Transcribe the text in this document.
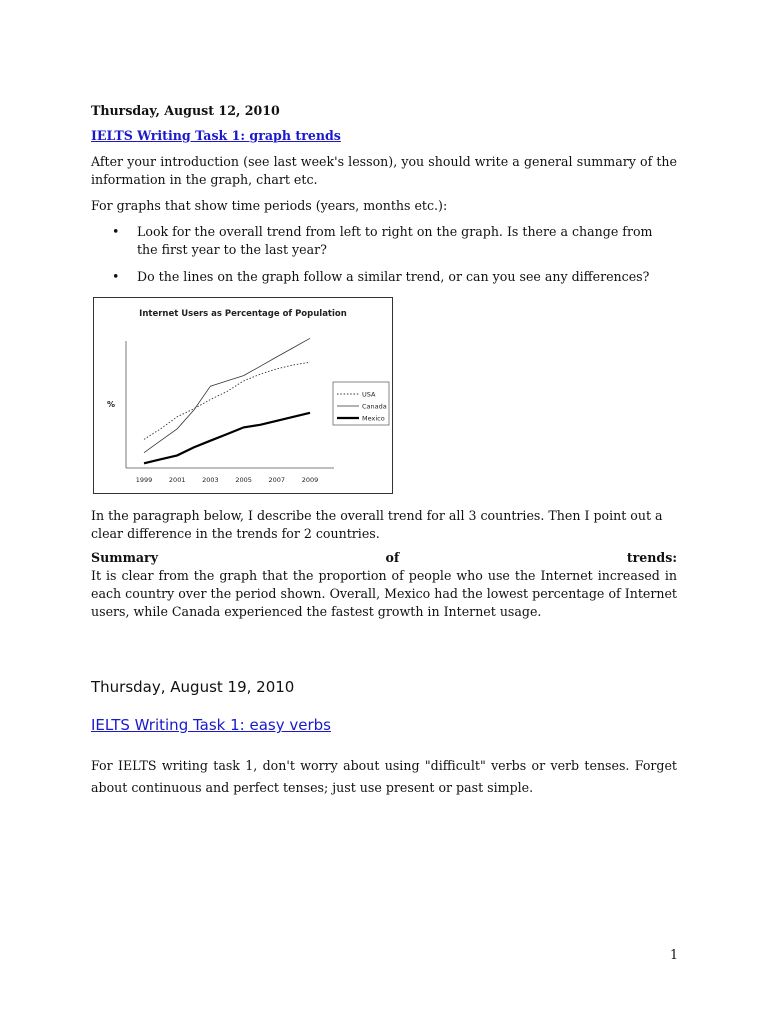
Thursday, August 12, 2010
IELTS Writing Task 1: graph trends
After your introduction (see last week's lesson), you should write a general summary of the information in the graph, chart etc.
For graphs that show time periods (years, months etc.):
• Look for the overall trend from left to right on the graph. Is there a change from the first year to the last year?
• Do the lines on the graph follow a similar trend, or can you see any differences?
Internet Users as Percentage of Population
%
1999	2001	2003	2005	2007	2009
USA
Canada
Mexico
In the paragraph below, I describe the overall trend for all 3 countries. Then I point out a clear difference in the trends for 2 countries.
Summary	of	trends:
It is clear from the graph that the proportion of people who use the Internet increased in each country over the period shown. Overall, Mexico had the lowest percentage of Internet users, while Canada experienced the fastest growth in Internet usage.
Thursday, August 19, 2010
IELTS Writing Task 1: easy verbs
For IELTS writing task 1, don't worry about using "difficult" verbs or verb tenses. Forget about continuous and perfect tenses; just use present or past simple.
1
